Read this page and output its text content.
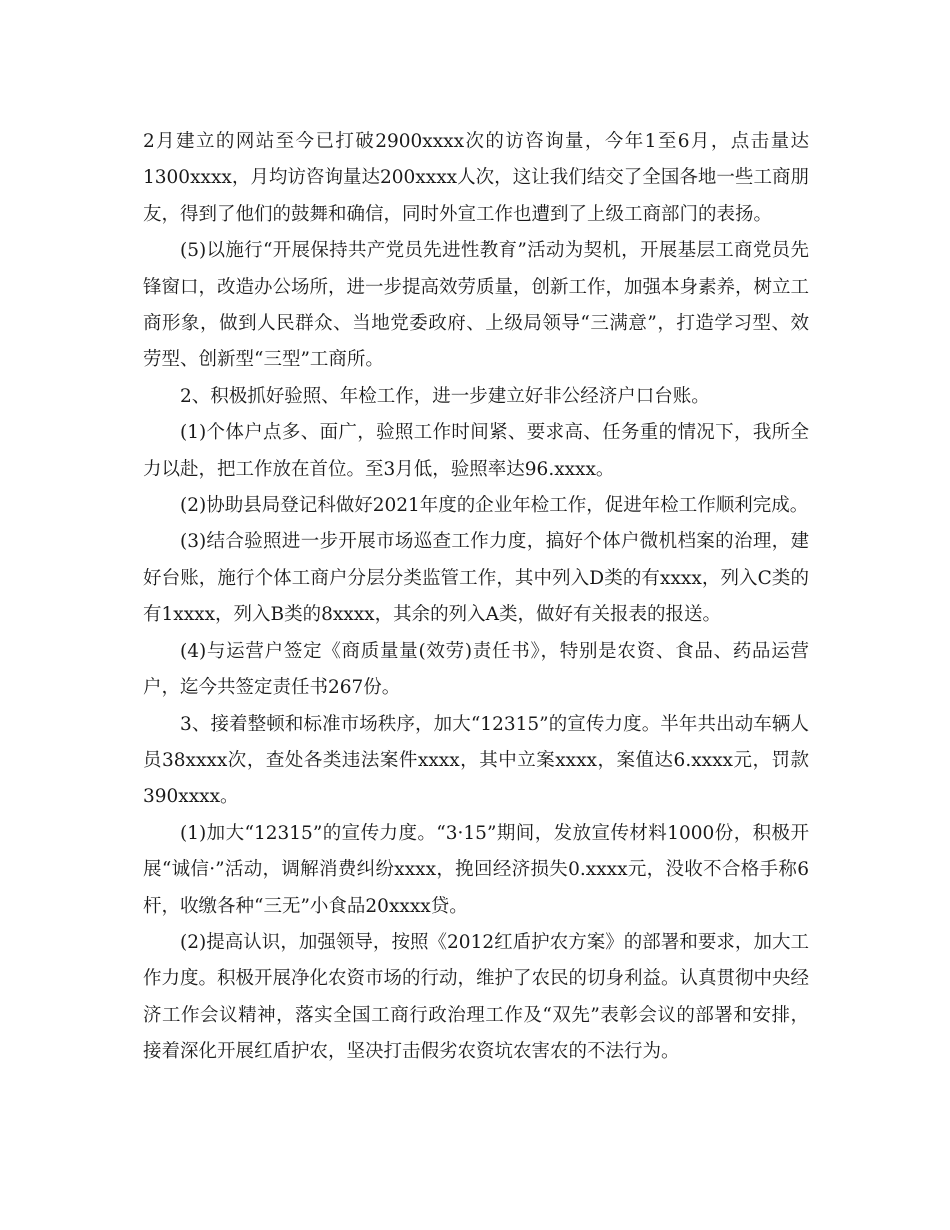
2月建立的网站至今已打破2900xxxx次的访咨询量，今年1至6月，点击量达1300xxxx，月均访咨询量达200xxxx人次，这让我们结交了全国各地一些工商朋友，得到了他们的鼓舞和确信，同时外宣工作也遭到了上级工商部门的表扬。

(5)以施行“开展保持共产党员先进性教育”活动为契机，开展基层工商党员先锋窗口，改造办公场所，进一步提高效劳质量，创新工作，加强本身素养，树立工商形象，做到人民群众、当地党委政府、上级局领导“三满意”，打造学习型、效劳型、创新型“三型”工商所。

2、积极抓好验照、年检工作，进一步建立好非公经济户口台账。

(1)个体户点多、面广，验照工作时间紧、要求高、任务重的情况下，我所全力以赴，把工作放在首位。至3月低，验照率达96.xxxx。

(2)协助县局登记科做好2021年度的企业年检工作，促进年检工作顺利完成。

(3)结合验照进一步开展市场巡查工作力度，搞好个体户微机档案的治理，建好台账，施行个体工商户分层分类监管工作，其中列入D类的有xxxx，列入C类的有1xxxx，列入B类的8xxxx，其余的列入A类，做好有关报表的报送。

(4)与运营户签定《商质量量(效劳)责任书》，特别是农资、食品、药品运营户，迄今共签定责任书267份。

3、接着整顿和标准市场秩序，加大“12315”的宣传力度。半年共出动车辆人员38xxxx次，查处各类违法案件xxxx，其中立案xxxx，案值达6.xxxx元，罚款390xxxx。

(1)加大“12315”的宣传力度。“3·15”期间，发放宣传材料1000份，积极开展“诚信·”活动，调解消费纠纷xxxx，挽回经济损失0.xxxx元，没收不合格手称6杆，收缴各种“三无”小食品20xxxx贷。

(2)提高认识，加强领导，按照《2012红盾护农方案》的部署和要求，加大工作力度。积极开展净化农资市场的行动，维护了农民的切身利益。认真贯彻中央经济工作会议精神，落实全国工商行政治理工作及“双先”表彰会议的部署和安排，接着深化开展红盾护农，坚决打击假劣农资坑农害农的不法行为。
